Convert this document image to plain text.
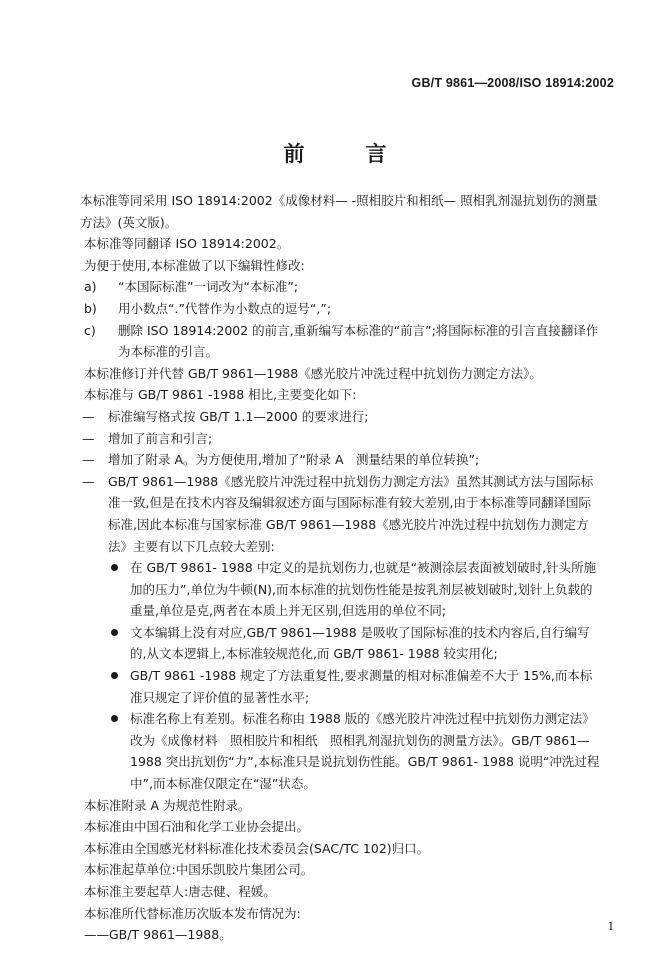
GB/T 9861—2008/ISO 18914:2002
前　言

本标准等同采用 ISO 18914:2002《成像材料— -照相胶片和相纸— 照相乳剂湿抗划伤的测量方法》(英文版)。

本标准等同翻译 ISO 18914:2002。

为便于使用,本标准做了以下编辑性修改:

a)	“本国际标准”一词改为“本标准”;
b)	用小数点“.”代替作为小数点的逗号“,”;
c)	删除 ISO 18914:2002 的前言,重新编写本标准的“前言”;将国际标准的引言直接翻译作为本标准的引言。

本标准修订并代替 GB/T 9861—1988《感光胶片冲洗过程中抗划伤力测定方法》。

本标准与 GB/T 9861 -1988 相比,主要变化如下:

—	标准编写格式按 GB/T 1.1—2000 的要求进行;
—	增加了前言和引言;
—	增加了附录 A。为方便使用,增加了“附录 A　测量结果的单位转换”;
—	GB/T 9861—1988《感光胶片冲洗过程中抗划伤力测定方法》虽然其测试方法与国际标准一致,但是在技术内容及编辑叙述方面与国际标准有较大差别,由于本标准等同翻译国际标准,因此本标准与国家标准 GB/T 9861—1988《感光胶片冲洗过程中抗划伤力测定方法》主要有以下几点较大差别:
在 GB/T 9861- 1988 中定义的是抗划伤力,也就是“被测涂层表面被划破时,针头所施加的压力”,单位为牛顿(N),而本标准的抗划伤性能是按乳剂层被划破时,划针上负载的重量,单位是克,两者在本质上并无区别,但选用的单位不同;
文本编辑上没有对应,GB/T 9861—1988 是吸收了国际标准的技术内容后,自行编写的,从文本逻辑上,本标准较规范化,而 GB/T 9861- 1988 较实用化;
GB/T 9861 -1988 规定了方法重复性,要求测量的相对标准偏差不大于 15%,而本标准只规定了评价值的显著性水平;
标准名称上有差别。标准名称由 1988 版的《感光胶片冲洗过程中抗划伤力测定法》改为《成像材料　照相胶片和相纸　照相乳剂湿抗划伤的测量方法》。GB/T 9861—1988 突出抗划伤“力”,本标准只是说抗划伤性能。GB/T 9861- 1988 说明“冲洗过程中”,而本标准仅限定在“湿”状态。

本标准附录 A 为规范性附录。

本标准由中国石油和化学工业协会提出。

本标准由全国感光材料标准化技术委员会(SAC/TC 102)归口。

本标准起草单位:中国乐凯胶片集团公司。

本标准主要起草人:唐志健、程媛。

本标准所代替标准历次版本发布情况为:

——GB/T 9861—1988。

1
